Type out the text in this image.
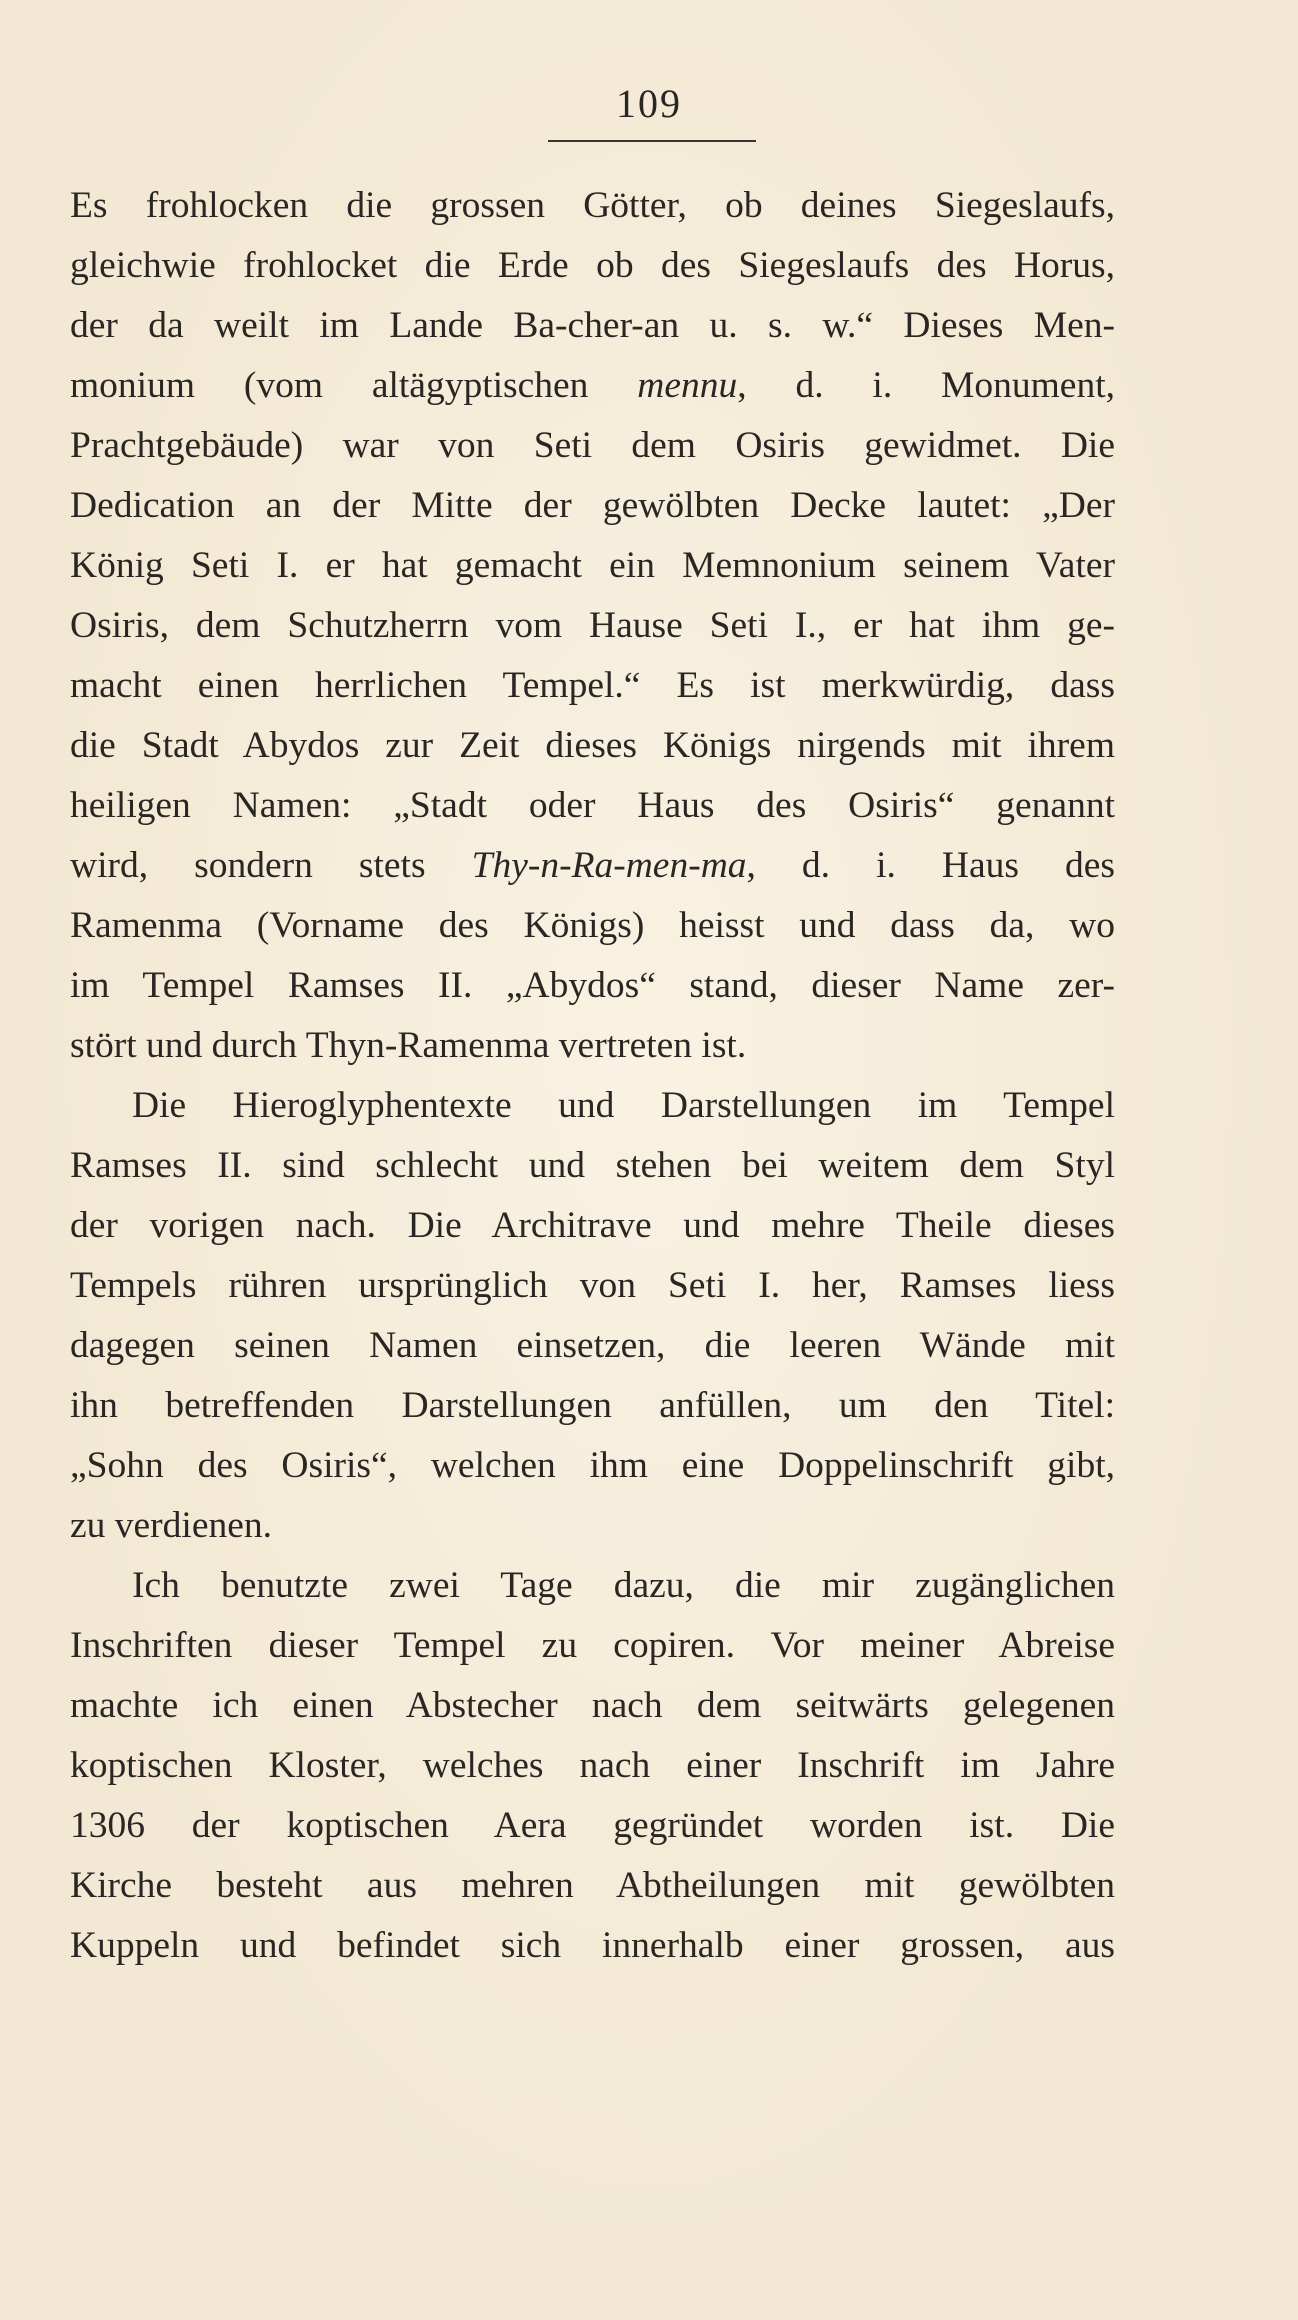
109
Es frohlocken die grossen Götter, ob deines Siegeslaufs,
gleichwie frohlocket die Erde ob des Siegeslaufs des Horus,
der da weilt im Lande Ba-cher-an u. s. w.“ Dieses Men-
monium (vom altägyptischen mennu, d. i. Monument,
Prachtgebäude) war von Seti dem Osiris gewidmet. Die
Dedication an der Mitte der gewölbten Decke lautet: „Der
König Seti I. er hat gemacht ein Memnonium seinem Vater
Osiris, dem Schutzherrn vom Hause Seti I., er hat ihm ge-
macht einen herrlichen Tempel.“ Es ist merkwürdig, dass
die Stadt Abydos zur Zeit dieses Königs nirgends mit ihrem
heiligen Namen: „Stadt oder Haus des Osiris“ genannt
wird, sondern stets Thy-n-Ra-men-ma, d. i. Haus des
Ramenma (Vorname des Königs) heisst und dass da, wo
im Tempel Ramses II. „Abydos“ stand, dieser Name zer-
stört und durch Thyn-Ramenma vertreten ist.
Die Hieroglyphentexte und Darstellungen im Tempel
Ramses II. sind schlecht und stehen bei weitem dem Styl
der vorigen nach. Die Architrave und mehre Theile dieses
Tempels rühren ursprünglich von Seti I. her, Ramses liess
dagegen seinen Namen einsetzen, die leeren Wände mit
ihn betreffenden Darstellungen anfüllen, um den Titel:
„Sohn des Osiris“, welchen ihm eine Doppelinschrift gibt,
zu verdienen.
Ich benutzte zwei Tage dazu, die mir zugänglichen
Inschriften dieser Tempel zu copiren. Vor meiner Abreise
machte ich einen Abstecher nach dem seitwärts gelegenen
koptischen Kloster, welches nach einer Inschrift im Jahre
1306 der koptischen Aera gegründet worden ist. Die
Kirche besteht aus mehren Abtheilungen mit gewölbten
Kuppeln und befindet sich innerhalb einer grossen, aus
